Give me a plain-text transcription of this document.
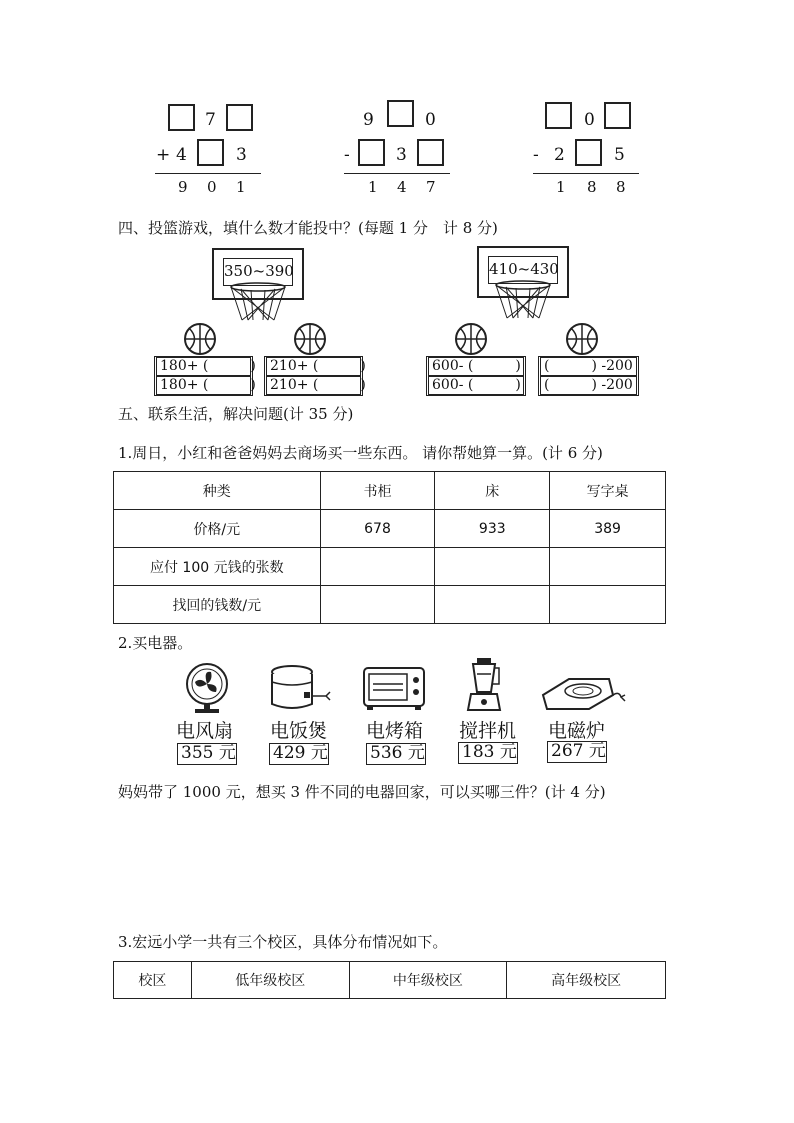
7
+ 4	3
9 0 1
9	0
-	3
1 4 7
0
- 2	5
1 8 8
四、投篮游戏，填什么数才能投中？(每题 1 分　计 8 分)
350~390	410~430
180+ (　　　)
180+ (　　　)
210+ (　　　)
210+ (　　　)
600- (　　　)
600- (　　　)
(　　　) -200
(　　　) -200
五、联系生活，解决问题(计 35 分)
1.周日，小红和爸爸妈妈去商场买一些东西。 请你帮她算一算。(计 6 分)
种类	书柜	床	写字桌
价格/元	678	933	389
应付 100 元钱的张数			
找回的钱数/元			
2.买电器。
电风扇
355 元
电饭煲
429 元
电烤箱
536 元
搅拌机
183 元
电磁炉
267 元
妈妈带了 1000 元，想买 3 件不同的电器回家，可以买哪三件？(计 4 分)
3.宏远小学一共有三个校区，具体分布情况如下。
校区	低年级校区	中年级校区	高年级校区
